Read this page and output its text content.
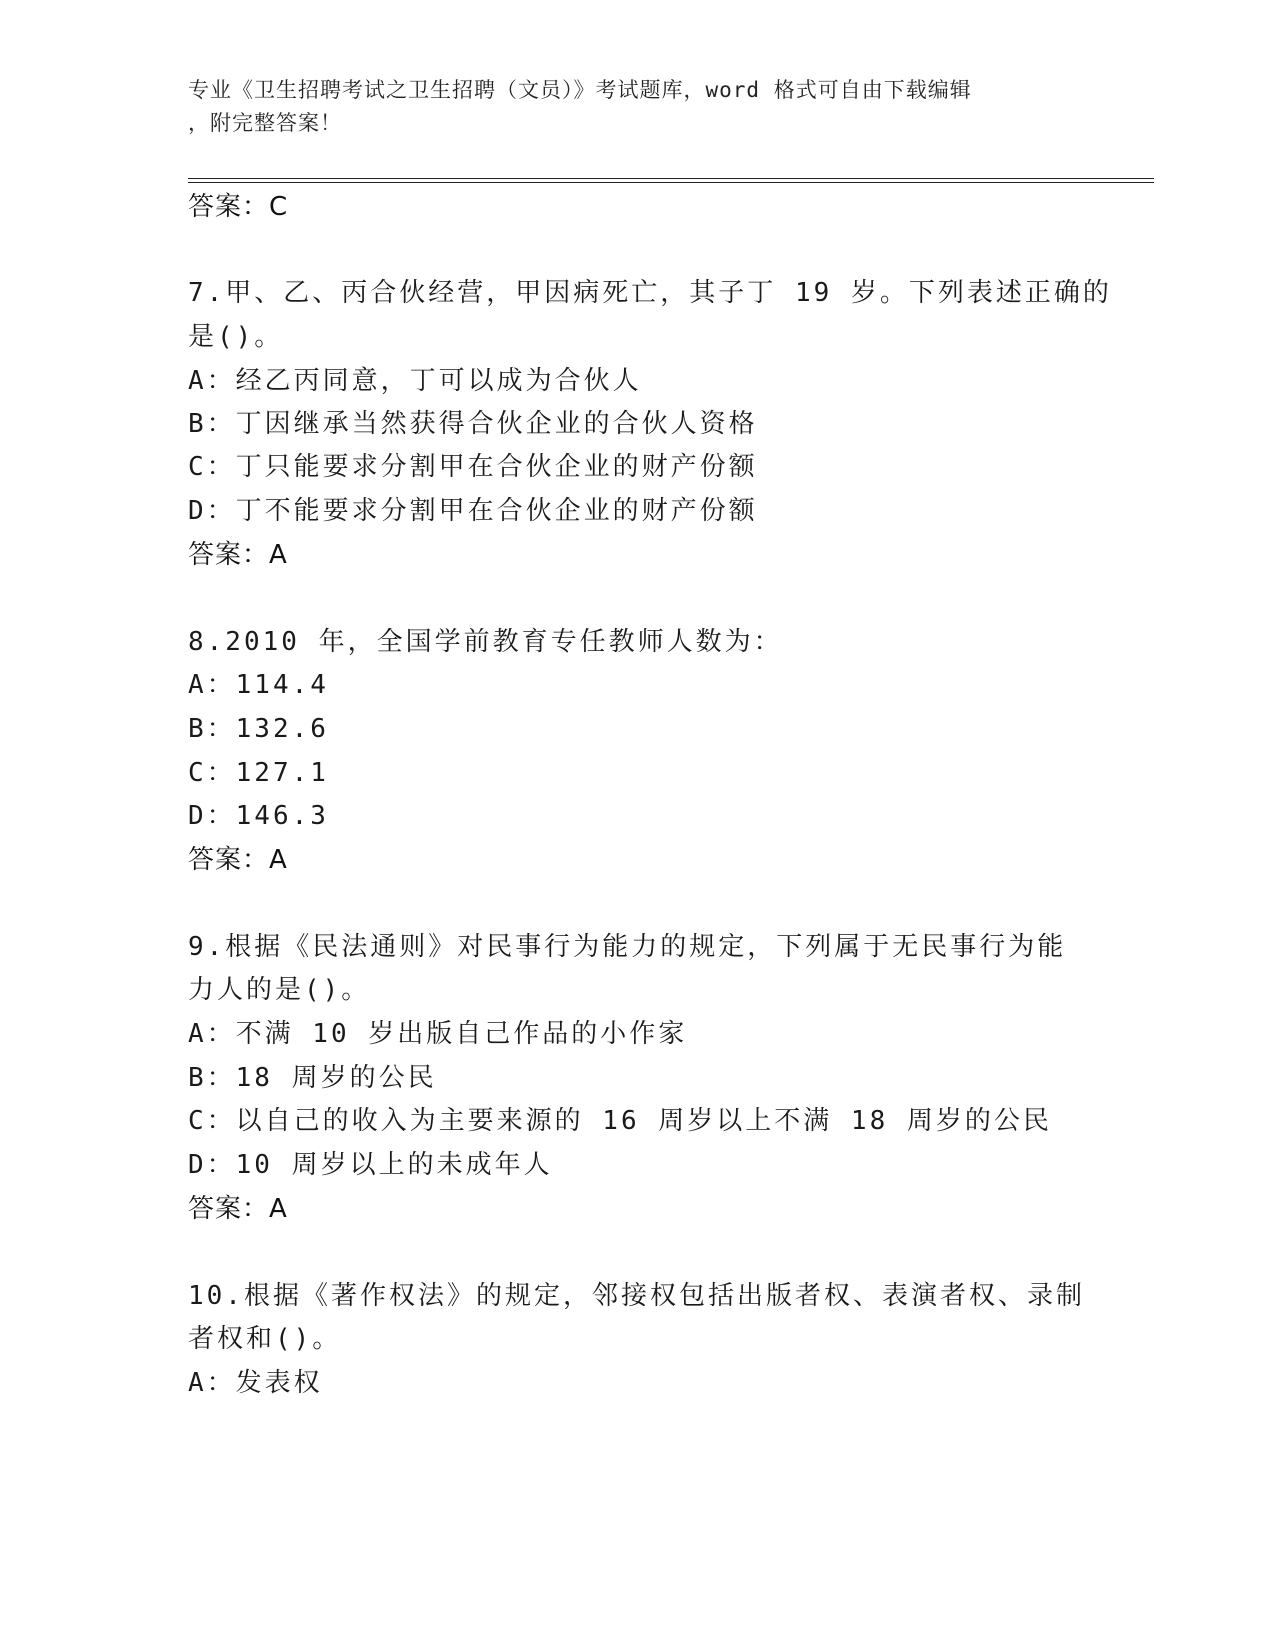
专业《卫生招聘考试之卫生招聘（文员）》考试题库，word 格式可自由下载编辑
，附完整答案！
答案：C
7.甲、乙、丙合伙经营，甲因病死亡，其子丁 19 岁。下列表述正确的
是()。
A：经乙丙同意，丁可以成为合伙人
B：丁因继承当然获得合伙企业的合伙人资格
C：丁只能要求分割甲在合伙企业的财产份额
D：丁不能要求分割甲在合伙企业的财产份额
答案：A
8.2010 年，全国学前教育专任教师人数为：
A：114.4
B：132.6
C：127.1
D：146.3
答案：A
9.根据《民法通则》对民事行为能力的规定，下列属于无民事行为能
力人的是()。
A：不满 10 岁出版自己作品的小作家
B：18 周岁的公民
C：以自己的收入为主要来源的 16 周岁以上不满 18 周岁的公民
D：10 周岁以上的未成年人
答案：A
10.根据《著作权法》的规定，邻接权包括出版者权、表演者权、录制
者权和()。
A：发表权
